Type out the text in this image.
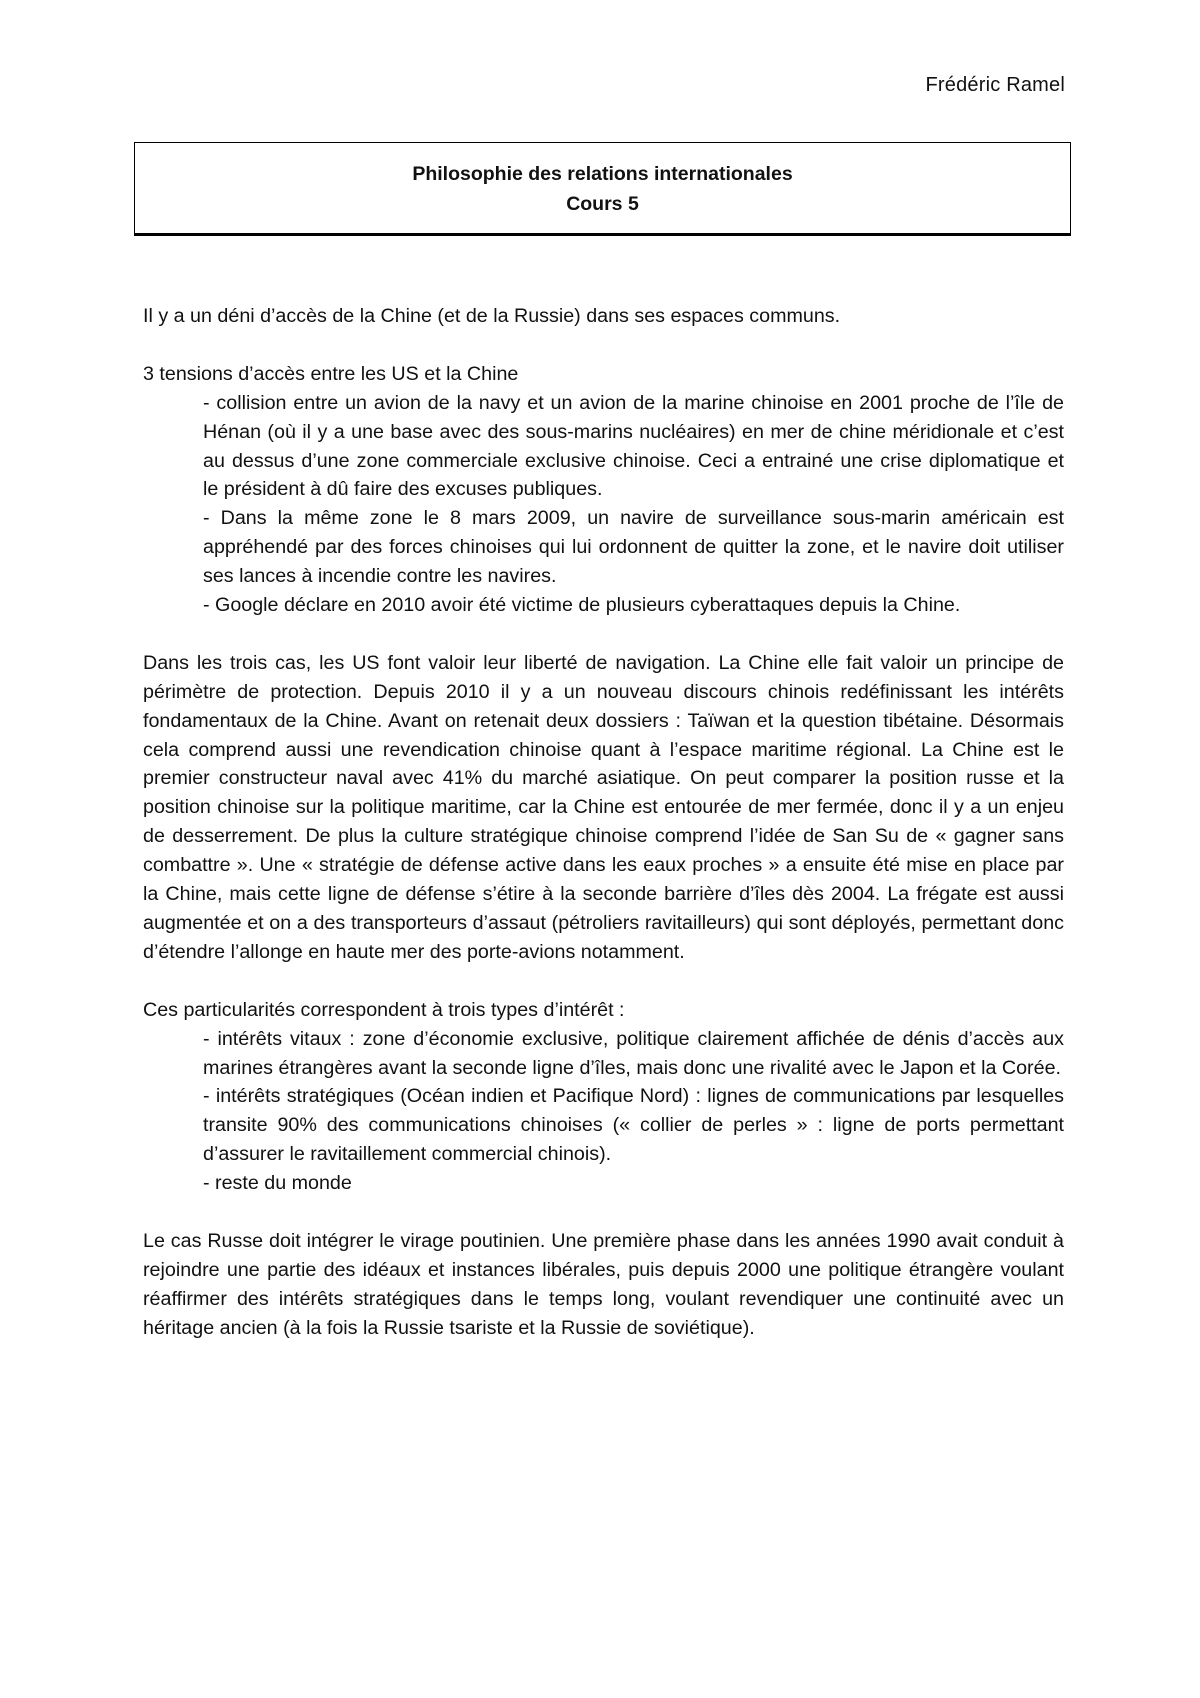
Frédéric Ramel
Philosophie des relations internationales
Cours 5

Il y a un déni d’accès de la Chine (et de la Russie) dans ses espaces communs.

3 tensions d’accès entre les US et la Chine

- collision entre un avion de la navy et un avion de la marine chinoise en 2001 proche de l’île de Hénan (où il y a une base avec des sous-marins nucléaires) en mer de chine méridionale et c’est au dessus d’une zone commerciale exclusive chinoise. Ceci a entrainé une crise diplomatique et le président à dû faire des excuses publiques.

- Dans la même zone le 8 mars 2009, un navire de surveillance sous-marin américain est appréhendé par des forces chinoises qui lui ordonnent de quitter la zone, et le navire doit utiliser ses lances à incendie contre les navires.

- Google déclare en 2010 avoir été victime de plusieurs cyberattaques depuis la Chine.

Dans les trois cas, les US font valoir leur liberté de navigation. La Chine elle fait valoir un principe de périmètre de protection. Depuis 2010 il y a un nouveau discours chinois redéfinissant les intérêts fondamentaux de la Chine. Avant on retenait deux dossiers : Taïwan et la question tibétaine. Désormais cela comprend aussi une revendication chinoise quant à l’espace maritime régional. La Chine est le premier constructeur naval avec 41% du marché asiatique. On peut comparer la position russe et la position chinoise sur la politique maritime, car la Chine est entourée de mer fermée, donc il y a un enjeu de desserrement. De plus la culture stratégique chinoise comprend l’idée de San Su de « gagner sans combattre ». Une « stratégie de défense active dans les eaux proches » a ensuite été mise en place par la Chine, mais cette ligne de défense s’étire à la seconde barrière d’îles dès 2004. La frégate est aussi augmentée et on a des transporteurs d’assaut (pétroliers ravitailleurs) qui sont déployés, permettant donc d’étendre l’allonge en haute mer des porte-avions notamment.

Ces particularités correspondent à trois types d’intérêt :

- intérêts vitaux : zone d’économie exclusive, politique clairement affichée de dénis d’accès aux marines étrangères avant la seconde ligne d’îles, mais donc une rivalité avec le Japon et la Corée.

- intérêts stratégiques (Océan indien et Pacifique Nord) : lignes de communications par lesquelles transite 90% des communications chinoises (« collier de perles » : ligne de ports permettant d’assurer le ravitaillement commercial chinois).

- reste du monde

Le cas Russe doit intégrer le virage poutinien. Une première phase dans les années 1990 avait conduit à rejoindre une partie des idéaux et instances libérales, puis depuis 2000 une politique étrangère voulant réaffirmer des intérêts stratégiques dans le temps long, voulant revendiquer une continuité avec un héritage ancien (à la fois la Russie tsariste et la Russie de soviétique).
